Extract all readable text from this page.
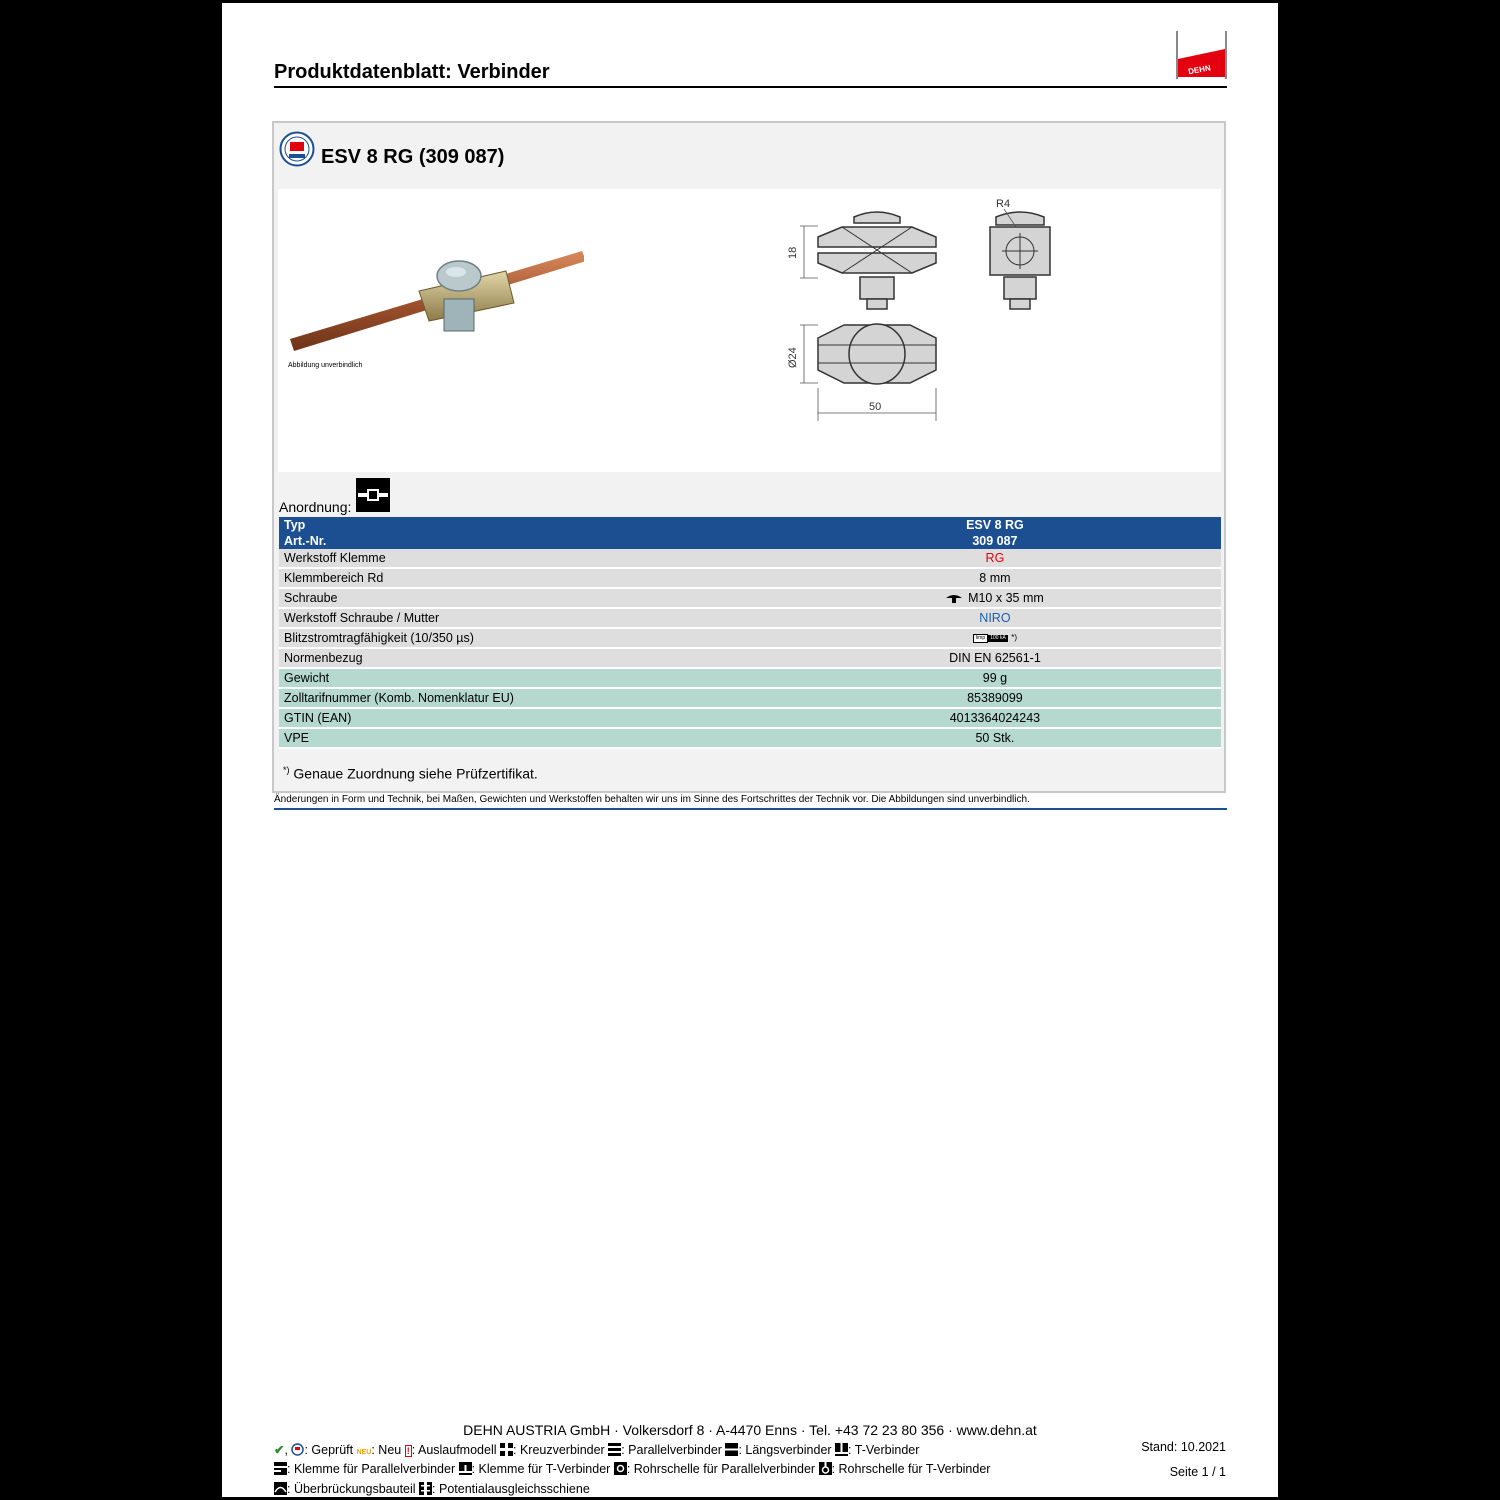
Produktdatenblatt: Verbinder	DEHN
ESV 8 RG (309 087)
Abbildung unverbindlich
18
Ø24
50
R4
Anordnung:
Typ	ESV 8 RG
Art.-Nr.	309 087
Werkstoff Klemme	RG
Klemmbereich Rd	8 mm
Schraube	M10 x 35 mm
Werkstoff Schraube / Mutter	NIRO
Blitzstromtragfähigkeit (10/350 µs)	Iimp 100 kA *)
Normenbezug	DIN EN 62561-1
Gewicht	99 g
Zolltarifnummer (Komb. Nomenklatur EU)	85389099
GTIN (EAN)	4013364024243
VPE	50 Stk.
*) Genaue Zuordnung siehe Prüfzertifikat.
Änderungen in Form und Technik, bei Maßen, Gewichten und Werkstoffen behalten wir uns im Sinne des Fortschrittes der Technik vor. Die Abbildungen sind unverbindlich.
DEHN AUSTRIA GmbH · Volkersdorf 8 · A-4470 Enns · Tel. +43 72 23 80 356 · www.dehn.at
✔, : Geprüft NEU: Neu ! : Auslaufmodell : Kreuzverbinder : Parallelverbinder : Längsverbinder : T-Verbinder
: Klemme für Parallelverbinder : Klemme für T-Verbinder : Rohrschelle für Parallelverbinder : Rohrschelle für T-Verbinder
: Überbrückungsbauteil : Potentialausgleichsschiene
Stand: 10.2021
Seite 1 / 1
